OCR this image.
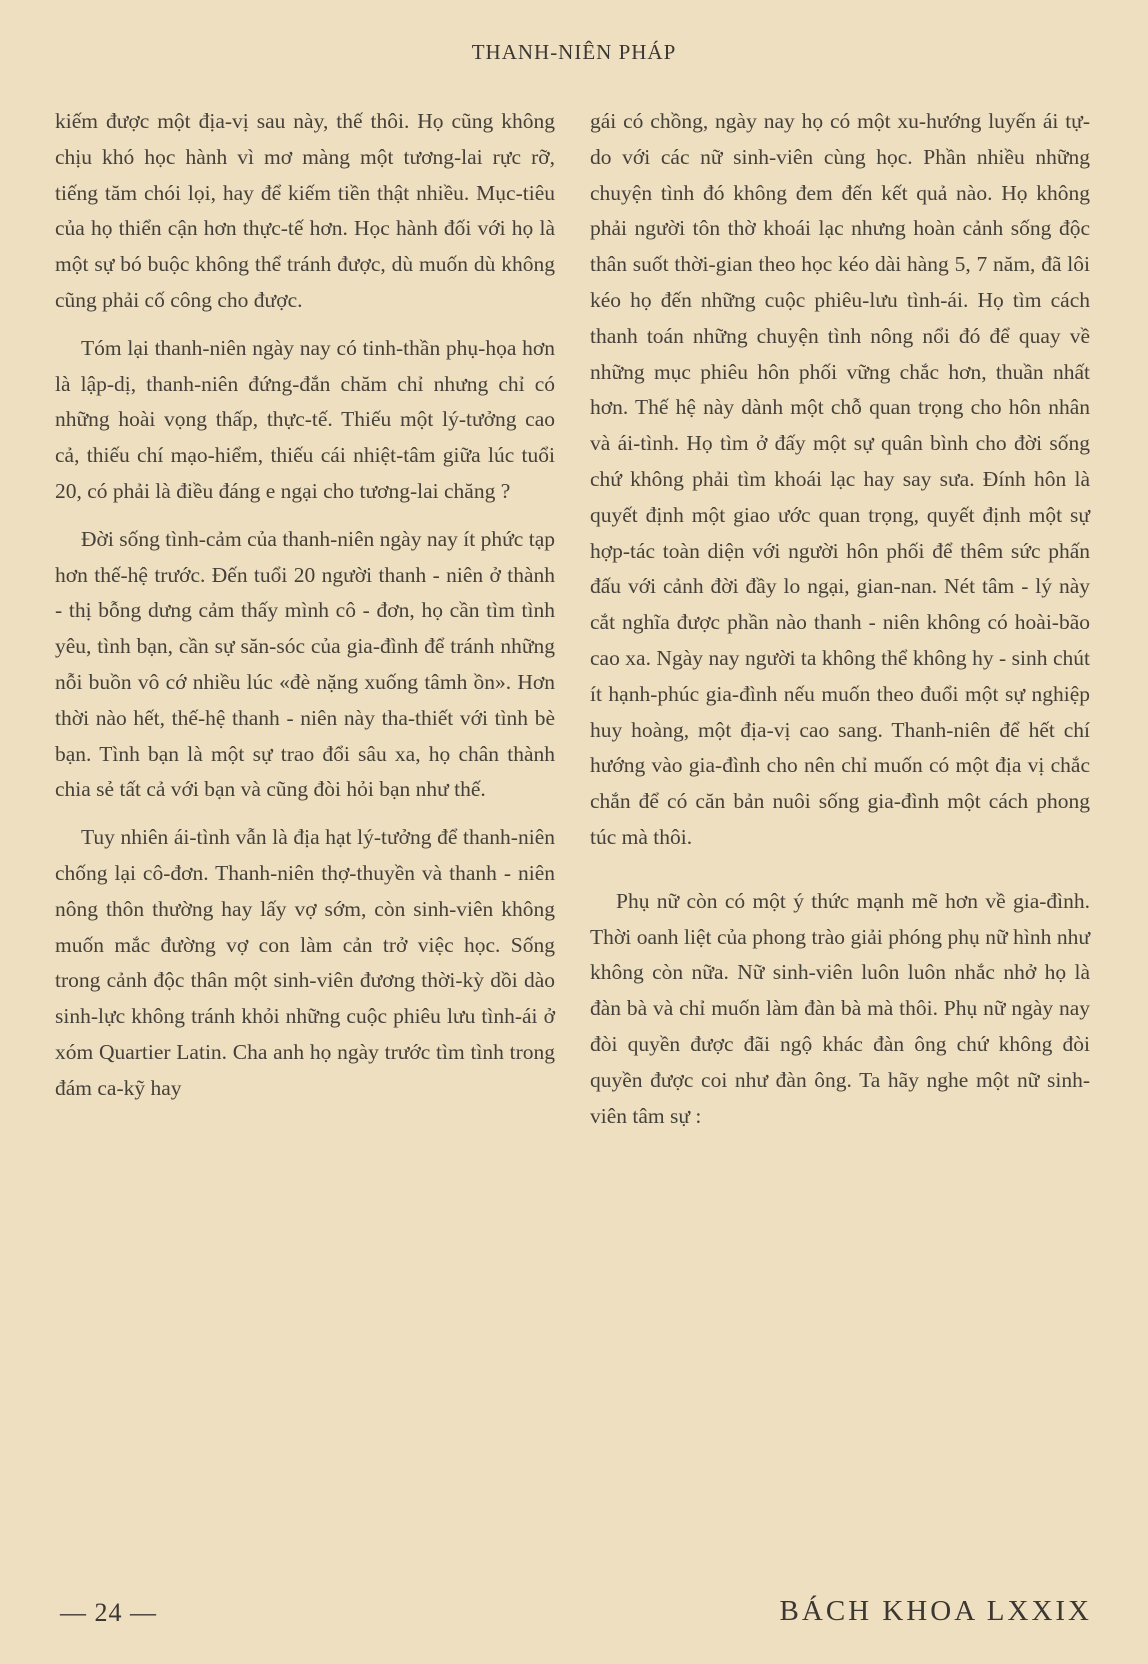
THANH-NIÊN PHÁP

kiếm được một địa-vị sau này, thế thôi. Họ cũng không chịu khó học hành vì mơ màng một tương-lai rực rỡ, tiếng tăm chói lọi, hay để kiếm tiền thật nhiều. Mục-tiêu của họ thiển cận hơn thực-tế hơn. Học hành đối với họ là một sự bó buộc không thể tránh được, dù muốn dù không cũng phải cố công cho được.

Tóm lại thanh-niên ngày nay có tinh-thần phụ-họa hơn là lập-dị, thanh-niên đứng-đắn chăm chỉ nhưng chỉ có những hoài vọng thấp, thực-tế. Thiếu một lý-tưởng cao cả, thiếu chí mạo-hiểm, thiếu cái nhiệt-tâm giữa lúc tuổi 20, có phải là điều đáng e ngại cho tương-lai chăng ?

Đời sống tình-cảm của thanh-niên ngày nay ít phức tạp hơn thế-hệ trước. Đến tuổi 20 người thanh - niên ở thành - thị bỗng dưng cảm thấy mình cô - đơn, họ cần tìm tình yêu, tình bạn, cần sự săn-sóc của gia-đình để tránh những nỗi buồn vô cớ nhiều lúc «đè nặng xuống tâmh ồn». Hơn thời nào hết, thế-hệ thanh - niên này tha-thiết với tình bè bạn. Tình bạn là một sự trao đổi sâu xa, họ chân thành chia sẻ tất cả với bạn và cũng đòi hỏi bạn như thế.

Tuy nhiên ái-tình vẫn là địa hạt lý-tưởng để thanh-niên chống lại cô-đơn. Thanh-niên thợ-thuyền và thanh - niên nông thôn thường hay lấy vợ sớm, còn sinh-viên không muốn mắc đường vợ con làm cản trở việc học. Sống trong cảnh độc thân một sinh-viên đương thời-kỳ dồi dào sinh-lực không tránh khỏi những cuộc phiêu lưu tình-ái ở xóm Quartier Latin. Cha anh họ ngày trước tìm tình trong đám ca-kỹ hay

gái có chồng, ngày nay họ có một xu-hướng luyến ái tự-do với các nữ sinh-viên cùng học. Phần nhiều những chuyện tình đó không đem đến kết quả nào. Họ không phải người tôn thờ khoái lạc nhưng hoàn cảnh sống độc thân suốt thời-gian theo học kéo dài hàng 5, 7 năm, đã lôi kéo họ đến những cuộc phiêu-lưu tình-ái. Họ tìm cách thanh toán những chuyện tình nông nổi đó để quay về những mục phiêu hôn phối vững chắc hơn, thuần nhất hơn. Thế hệ này dành một chỗ quan trọng cho hôn nhân và ái-tình. Họ tìm ở đấy một sự quân bình cho đời sống chứ không phải tìm khoái lạc hay say sưa. Đính hôn là quyết định một giao ước quan trọng, quyết định một sự hợp-tác toàn diện với người hôn phối để thêm sức phấn đấu với cảnh đời đầy lo ngại, gian-nan. Nét tâm - lý này cắt nghĩa được phần nào thanh - niên không có hoài-bão cao xa. Ngày nay người ta không thể không hy - sinh chút ít hạnh-phúc gia-đình nếu muốn theo đuổi một sự nghiệp huy hoàng, một địa-vị cao sang. Thanh-niên để hết chí hướng vào gia-đình cho nên chỉ muốn có một địa vị chắc chắn để có căn bản nuôi sống gia-đình một cách phong túc mà thôi.

Phụ nữ còn có một ý thức mạnh mẽ hơn về gia-đình. Thời oanh liệt của phong trào giải phóng phụ nữ hình như không còn nữa. Nữ sinh-viên luôn luôn nhắc nhở họ là đàn bà và chỉ muốn làm đàn bà mà thôi. Phụ nữ ngày nay đòi quyền được đãi ngộ khác đàn ông chứ không đòi quyền được coi như đàn ông. Ta hãy nghe một nữ sinh-viên tâm sự :

— 24 —	BÁCH KHOA LXXIX
